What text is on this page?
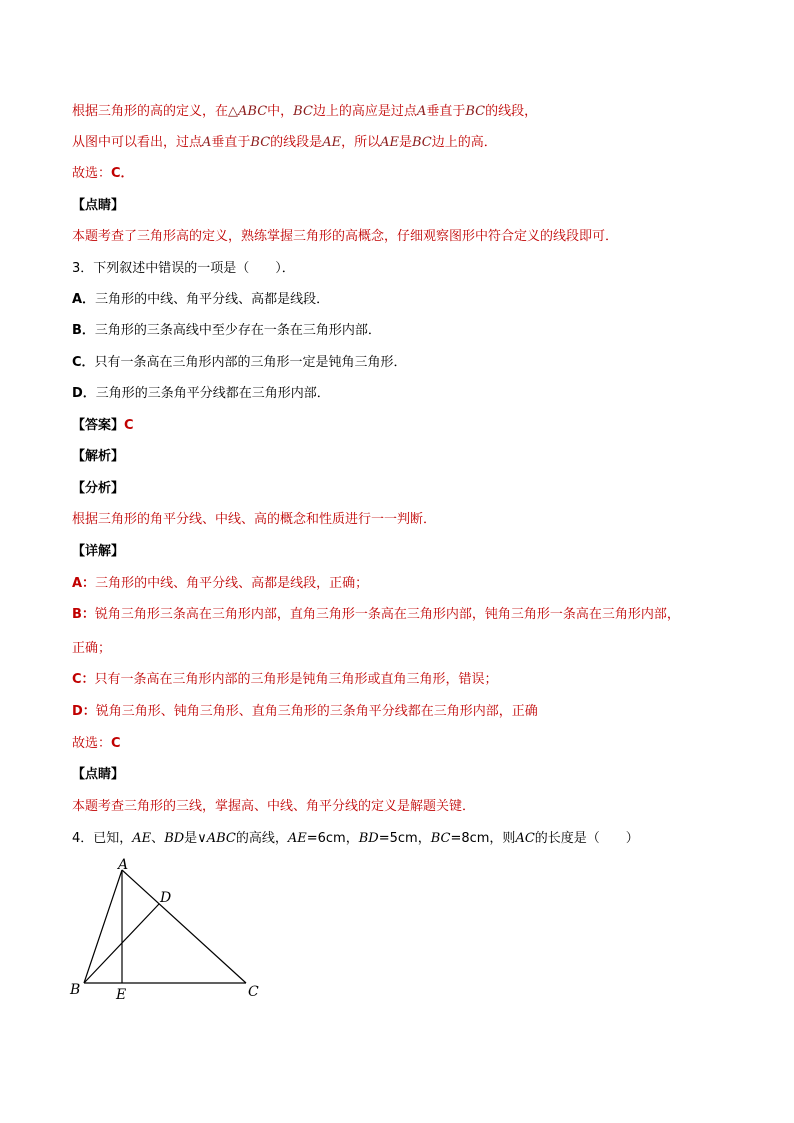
根据三角形的高的定义，在△ABC中，BC边上的高应是过点A垂直于BC的线段，
从图中可以看出，过点A垂直于BC的线段是AE，所以AE是BC边上的高．
故选：C．
【点睛】
本题考查了三角形高的定义，熟练掌握三角形的高概念，仔细观察图形中符合定义的线段即可．
3．下列叙述中错误的一项是（　　）．
A．三角形的中线、角平分线、高都是线段．
B．三角形的三条高线中至少存在一条在三角形内部．
C．只有一条高在三角形内部的三角形一定是钝角三角形．
D．三角形的三条角平分线都在三角形内部．
【答案】C
【解析】
【分析】
根据三角形的角平分线、中线、高的概念和性质进行一一判断．
【详解】
A：三角形的中线、角平分线、高都是线段，正确；
B：锐角三角形三条高在三角形内部，直角三角形一条高在三角形内部，钝角三角形一条高在三角形内部，
正确；
C：只有一条高在三角形内部的三角形是钝角三角形或直角三角形，错误；
D：锐角三角形、钝角三角形、直角三角形的三条角平分线都在三角形内部，正确
故选：C
【点睛】
本题考查三角形的三线，掌握高、中线、角平分线的定义是解题关键．
4．已知，AE、BD是∨ABC的高线，AE=6cm，BD=5cm，BC=8cm，则AC的长度是（　　）
A
B	C
D
E
